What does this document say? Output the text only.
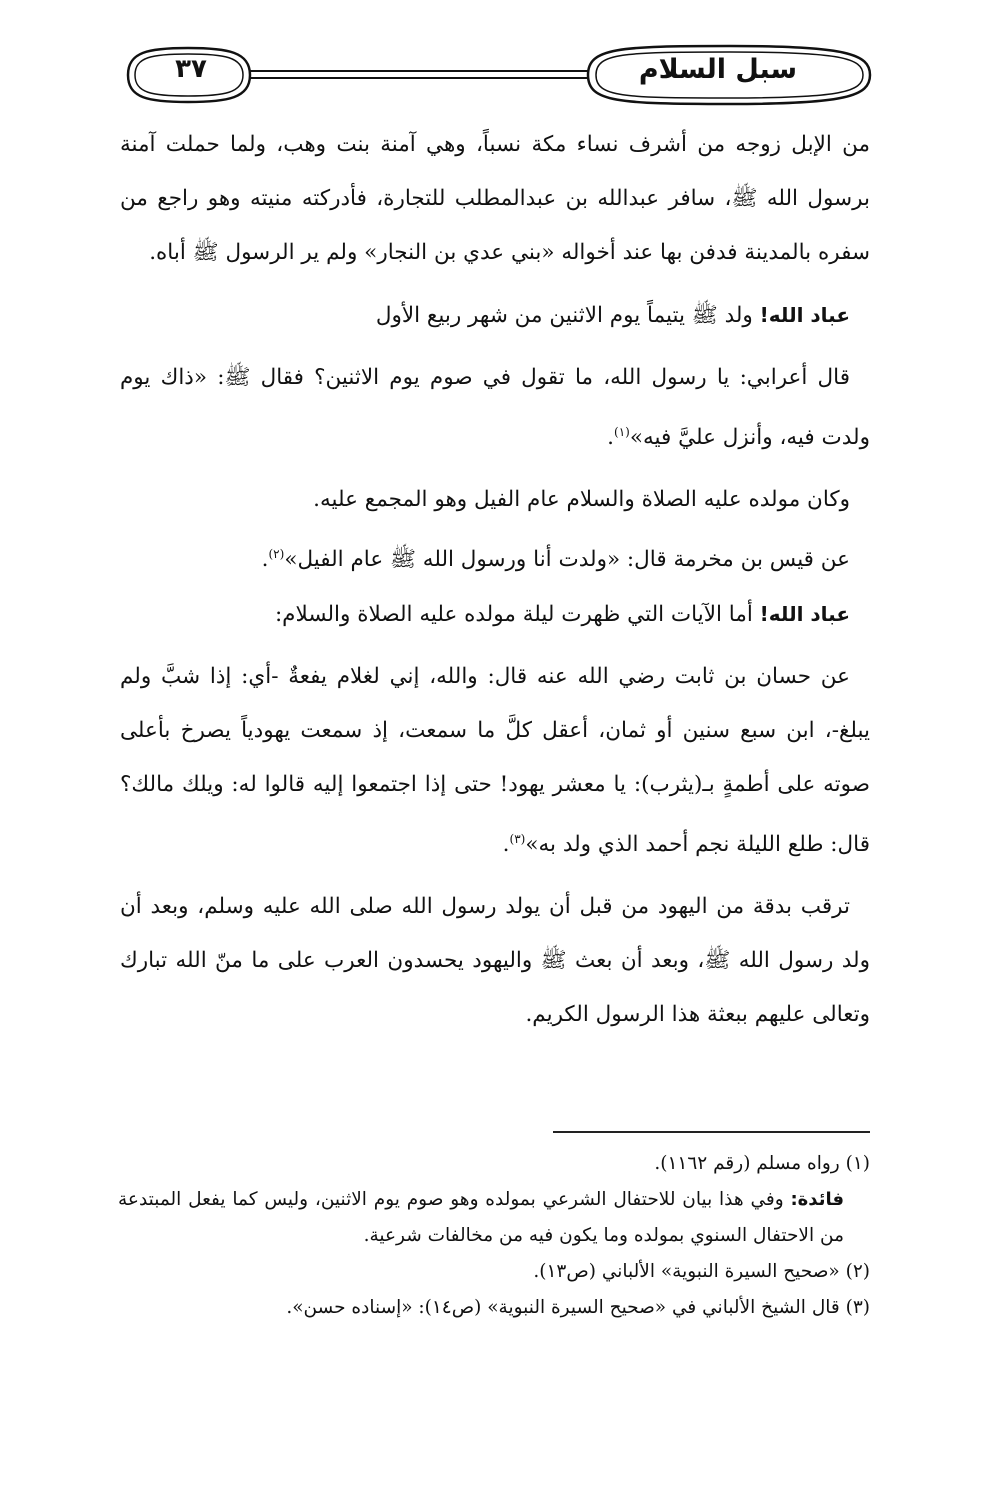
سبل السلام
٣٧

من الإبل زوجه من أشرف نساء مكة نسباً، وهي آمنة بنت وهب، ولما حملت آمنة برسول الله ﷺ، سافر عبدالله بن عبدالمطلب للتجارة، فأدركته منيته وهو راجع من سفره بالمدينة فدفن بها عند أخواله «بني عدي بن النجار» ولم ير الرسول ﷺ أباه.

عباد الله! ولد ﷺ يتيماً يوم الاثنين من شهر ربيع الأول

قال أعرابي: يا رسول الله، ما تقول في صوم يوم الاثنين؟ فقال ﷺ: «ذاك يوم ولدت فيه، وأنزل عليَّ فيه»$^{(١)}$.

وكان مولده عليه الصلاة والسلام عام الفيل وهو المجمع عليه.

عن قيس بن مخرمة قال: «ولدت أنا ورسول الله ﷺ عام الفيل»$^{(٢)}$.

عباد الله! أما الآيات التي ظهرت ليلة مولده عليه الصلاة والسلام:

عن حسان بن ثابت رضي الله عنه قال: والله، إني لغلام يفعةٌ -أي: إذا شبَّ ولم يبلغ-، ابن سبع سنين أو ثمان، أعقل كلَّ ما سمعت، إذ سمعت يهودياً يصرخ بأعلى صوته على أطمةٍ بـ(يثرب): يا معشر يهود! حتى إذا اجتمعوا إليه قالوا له: ويلك مالك؟ قال: طلع الليلة نجم أحمد الذي ولد به»$^{(٣)}$.

ترقب بدقة من اليهود من قبل أن يولد رسول الله صلى الله عليه وسلم، وبعد أن ولد رسول الله ﷺ، وبعد أن بعث ﷺ واليهود يحسدون العرب على ما منّ الله تبارك وتعالى عليهم ببعثة هذا الرسول الكريم.

(١) رواه مسلم (رقم ١١٦٢).

فائدة: وفي هذا بيان للاحتفال الشرعي بمولده وهو صوم يوم الاثنين، وليس كما يفعل المبتدعة من الاحتفال السنوي بمولده وما يكون فيه من مخالفات شرعية.

(٢) «صحيح السيرة النبوية» الألباني (ص١٣).

(٣) قال الشيخ الألباني في «صحيح السيرة النبوية» (ص١٤): «إسناده حسن».
